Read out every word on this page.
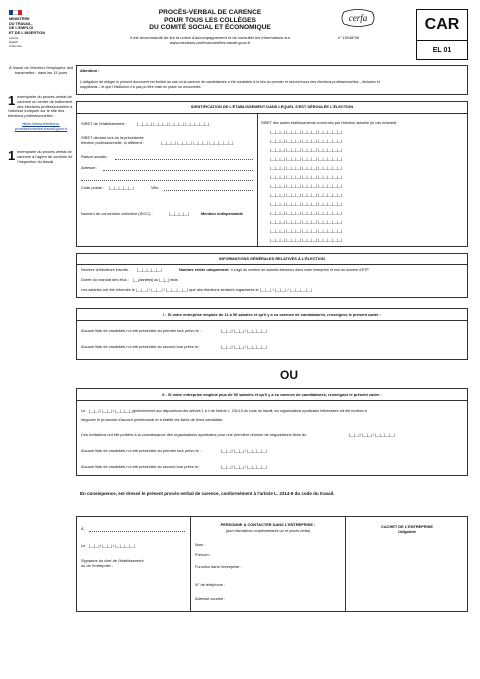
MINISTÈRE
DU TRAVAIL,
DE L'EMPLOI
ET DE L'INSERTION
Liberté
Égalité
Fraternité
PROCÈS-VERBAL DE CARENCE
POUR TOUS LES COLLÈGES
DU COMITÉ SOCIAL ET ÉCONOMIQUE
Il est recommandé de lire la notice d'accompagnement et de consulter les informations sur
www.elections-professionnelles.travail.gouv.fr
cerfa
n° 15248*06
CAR
EL 01
À l'issue de l'élection l'employeur doit transmettre : dans les 15 jours
1 exemplaire du procès-verbal de carence au centre de traitement des élections professionnelles à l'adresse indiquée sur le site des élections professionnelles :
https://www.elections-
professionnelles.travail.gouv.fr
1 exemplaire du procès-verbal de carence à l'agent de contrôle de l'inspection du travail
Attention :
L'obligation de rédiger le présent document est limitée au cas où la carence de candidatures a été constatée à la fois au premier et second tours des élections professionnelles – titulaires et
suppléants – et que l'institution n'a pas pu être mise en place ou renouvelée.
IDENTIFICATION DE L'ÉTABLISSEMENT DANS LEQUEL S'EST DÉROULÉE L'ÉLECTION
SIRET de l'établissement :	|__|__|__| |__|__|__| |__|__|__| |__|__|__|__|__|
SIRET déclaré lors de la précédente
élection professionnelle, si différent :	|__|__|__| |__|__|__| |__|__|__| |__|__|__|__|__|
Raison sociale :
Adresse :
Code postal : |__|__|__|__|__|	Ville :
Numéro de convention collective (IDCC) :	|__|__|__|__|	Mention indispensable
SIRET des autres établissements concernés par l'élection actuelle (le cas échéant) :
|__|__|__| |__|__|__| |__|__|__| |__|__|__|__|__|
|__|__|__| |__|__|__| |__|__|__| |__|__|__|__|__|
|__|__|__| |__|__|__| |__|__|__| |__|__|__|__|__|
|__|__|__| |__|__|__| |__|__|__| |__|__|__|__|__|
|__|__|__| |__|__|__| |__|__|__| |__|__|__|__|__|
|__|__|__| |__|__|__| |__|__|__| |__|__|__|__|__|
|__|__|__| |__|__|__| |__|__|__| |__|__|__|__|__|
|__|__|__| |__|__|__| |__|__|__| |__|__|__|__|__|
|__|__|__| |__|__|__| |__|__|__| |__|__|__|__|__|
|__|__|__| |__|__|__| |__|__|__| |__|__|__|__|__|
|__|__|__| |__|__|__| |__|__|__| |__|__|__|__|__|
|__|__|__| |__|__|__| |__|__|__| |__|__|__|__|__|
|__|__|__| |__|__|__| |__|__|__| |__|__|__|__|__|
INFORMATIONS GÉNÉRALES RELATIVES À L'ÉLECTION
Nombre d'électeurs inscrits : |__|__|__|__|__|	Nombre entier uniquement : Il s'agit du nombre de salariés électeurs dans votre entreprise et non du nombre d'ETP
Durée du mandat des élus : |__| année(s) ou |__|__| mois
Les salariés ont été informés le |__|__| / |__|__| / |__|__|__|__| que des élections seraient organisées le |__|__| / |__|__| / |__|__|__|__|
I - Si votre entreprise emploie de 11 à 50 salariés et qu'il y a eu carence de candidatures, renseignez le présent cadre :
Aucune liste de candidats n'a été présentée au premier tour prévu le :	|__|__| / |__|__| / |__|__|__|__|
Aucune liste de candidats n'a été présentée au second tour prévu le :	|__|__| / |__|__| / |__|__|__|__|
OU
II - Si votre entreprise emploie plus de 50 salariés et qu'il y a eu carence de candidatures, renseignez le présent cadre :
Le |__|__| / |__|__| / |__|__|__|__|
conformément aux dispositions des articles 1 à 4 de l'article L. 2314-5 du code du travail, les organisations syndicales intéressées ont été invitées à
négocier le protocole d'accord préélectoral et à établir les listes de leurs candidats.
Ces invitations ont été portées à la connaissance des organisations syndicales pour une première réunion de négociations fixée au	|__|__| / |__|__| / |__|__|__|__|
Aucune liste de candidats n'a été présentée au premier tour prévu le :	|__|__| / |__|__| / |__|__|__|__|
Aucune liste de candidats n'a été présentée au second tour prévu le :	|__|__| / |__|__| / |__|__|__|__|
En conséquence, est dressé le présent procès-verbal de carence, conformément à l'article L. 2314-9 du code du travail.
À
Le |__|__| / |__|__| / |__|__|__|__|
Signature du chef de l'établissement
ou de l'entreprise :
PERSONNE À CONTACTER DANS L'ENTREPRISE :
(pour informations complémentaires sur ce procès-verbal)
Nom :
Prénom :
Fonction dans l'entreprise :
N° de téléphone :
Adresse courriel :
CACHET DE L'ENTREPRISE
Obligatoire
